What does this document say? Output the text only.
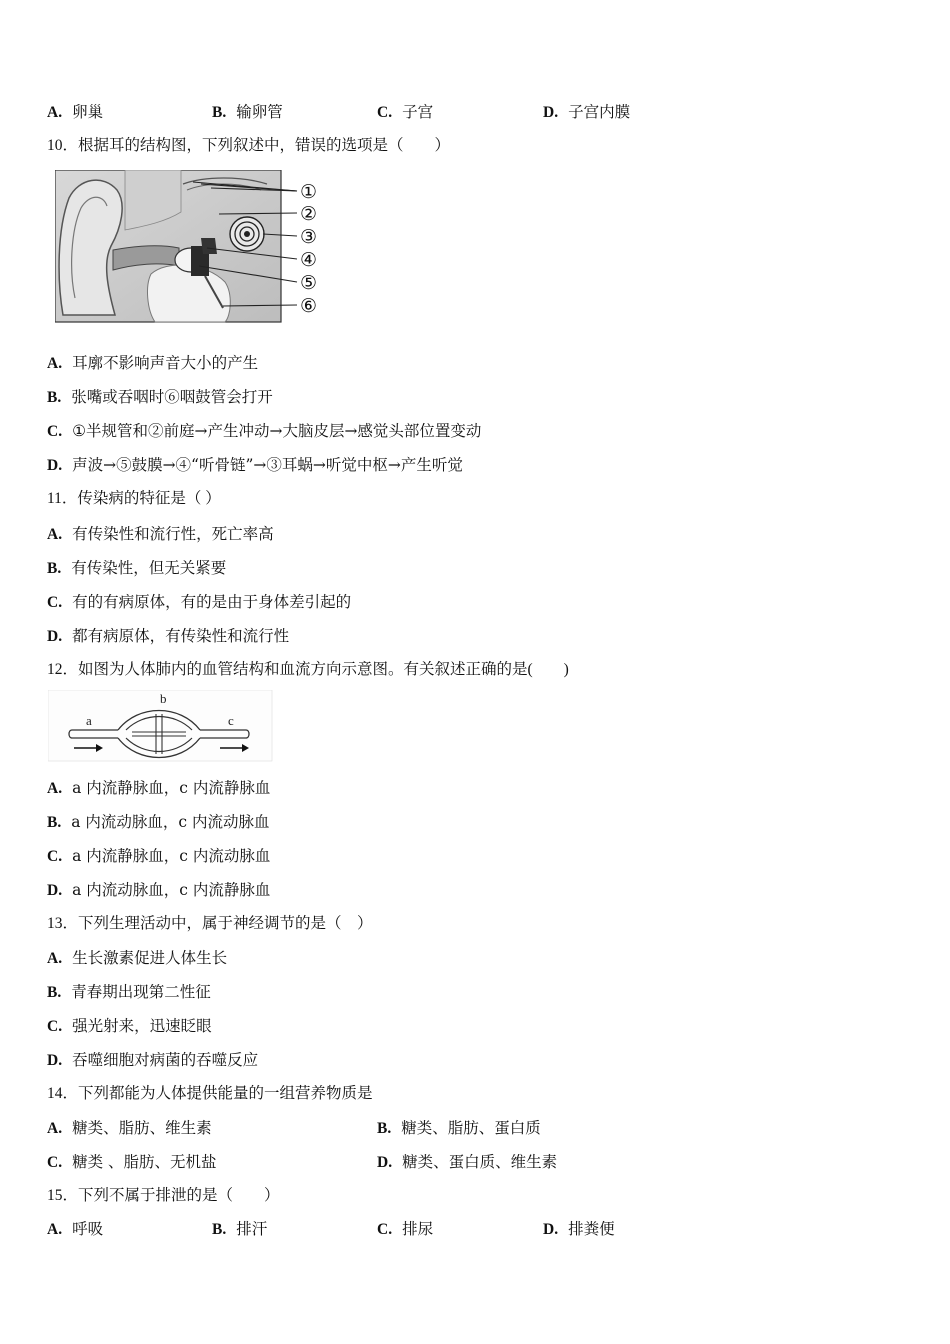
A. 卵巢	B. 输卵管	C. 子宫	D. 子宫内膜
10．根据耳的结构图，下列叙述中，错误的选项是（　　）
①
②
③
④
⑤
⑥
A. 耳廓不影响声音大小的产生
B. 张嘴或吞咽时⑥咽鼓管会打开
C. ①半规管和②前庭→产生冲动→大脑皮层→感觉头部位置变动
D. 声波→⑤鼓膜→④“听骨链”→③耳蜗→听觉中枢→产生听觉
11．传染病的特征是（ ）
A. 有传染性和流行性，死亡率高
B. 有传染性，但无关紧要
C. 有的有病原体，有的是由于身体差引起的
D. 都有病原体，有传染性和流行性
12．如图为人体肺内的血管结构和血流方向示意图。有关叙述正确的是(　　)
a
b
c
A. a 内流静脉血，c 内流静脉血
B. a 内流动脉血，c 内流动脉血
C. a 内流静脉血，c 内流动脉血
D. a 内流动脉血，c 内流静脉血
13．下列生理活动中，属于神经调节的是（　）
A. 生长激素促进人体生长
B. 青春期出现第二性征
C. 强光射来，迅速眨眼
D. 吞噬细胞对病菌的吞噬反应
14．下列都能为人体提供能量的一组营养物质是
A. 糖类、脂肪、维生素	B. 糖类、脂肪、蛋白质
C. 糖类 、脂肪、无机盐	D. 糖类、蛋白质、维生素
15．下列不属于排泄的是（　　）
A. 呼吸	B. 排汗	C. 排尿	D. 排粪便
